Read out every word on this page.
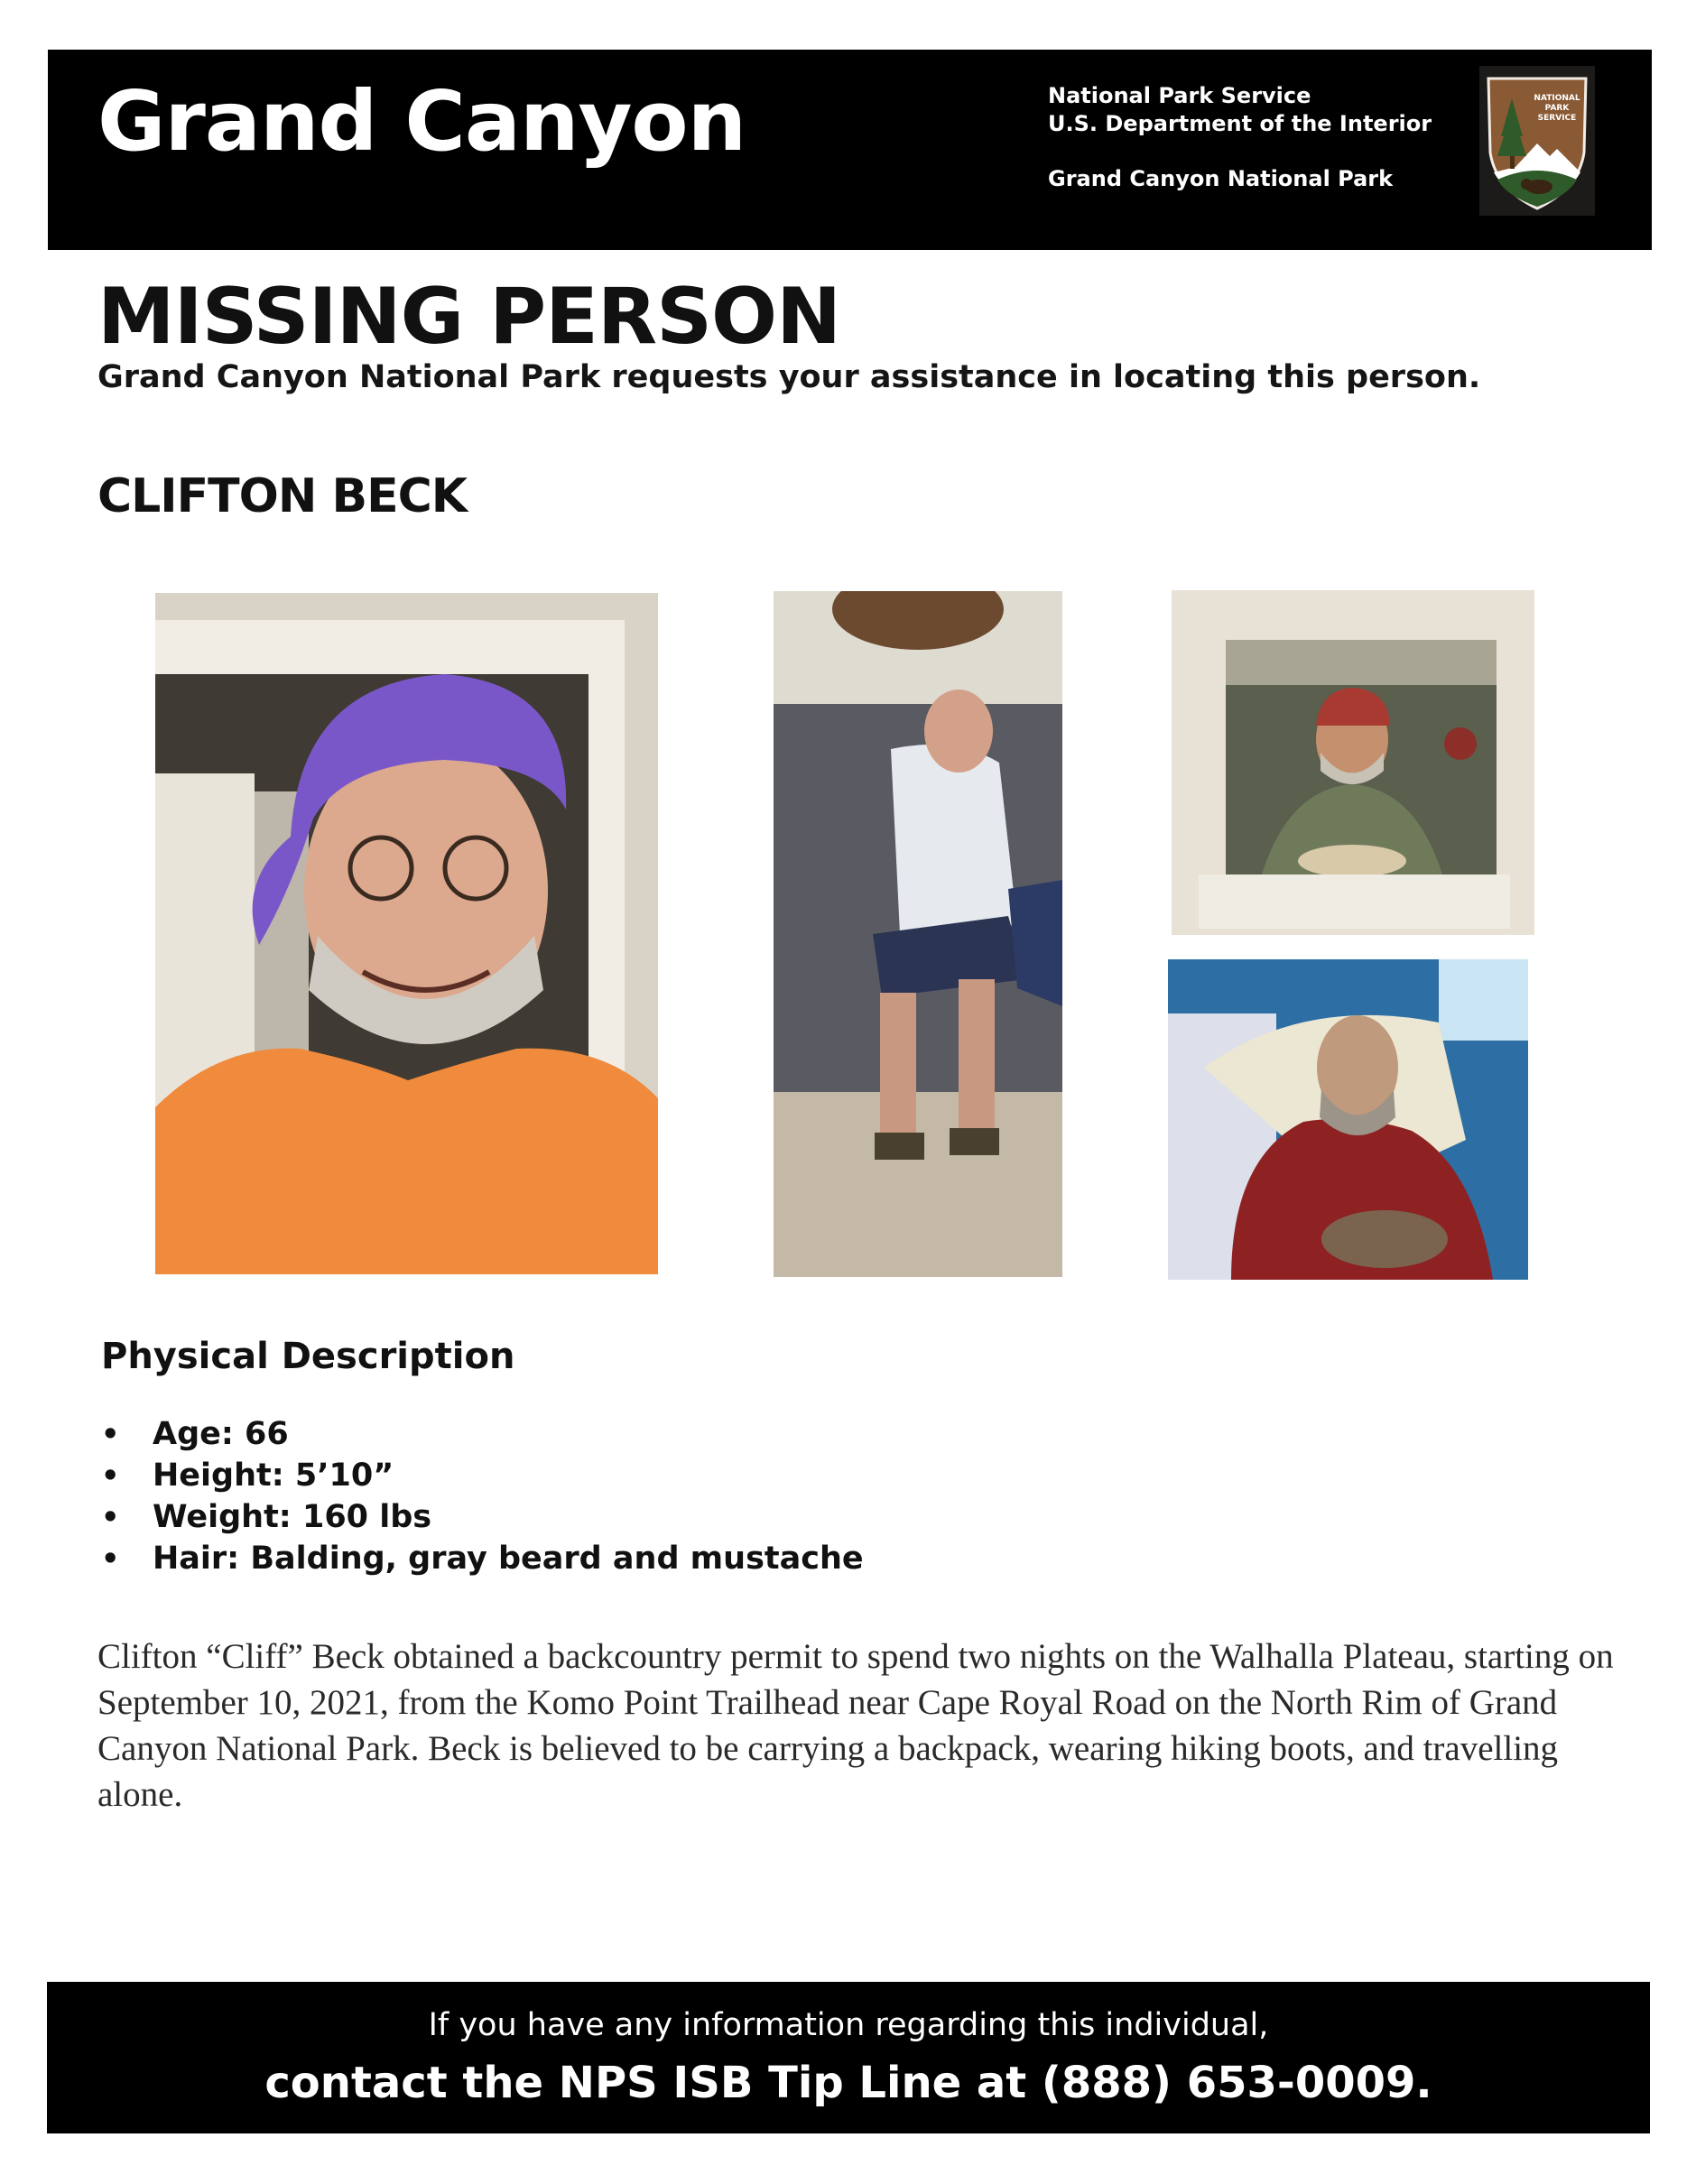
Grand Canyon	National Park Service
U.S. Department of the Interior
Grand Canyon National Park
NATIONAL
PARK
SERVICE
MISSING PERSON
Grand Canyon National Park requests your assistance in locating this person.
CLIFTON BECK
Physical Description
• Age: 66
• Height: 5’10”
• Weight: 160 lbs
• Hair: Balding, gray beard and mustache

Clifton “Cliff” Beck obtained a backcountry permit to spend two nights on the Walhalla Plateau, starting on September 10, 2021, from the Komo Point Trailhead near Cape Royal Road on the North Rim of Grand Canyon National Park. Beck is believed to be carrying a backpack, wearing hiking boots, and travelling alone.

If you have any information regarding this individual,
contact the NPS ISB Tip Line at (888) 653-0009.
